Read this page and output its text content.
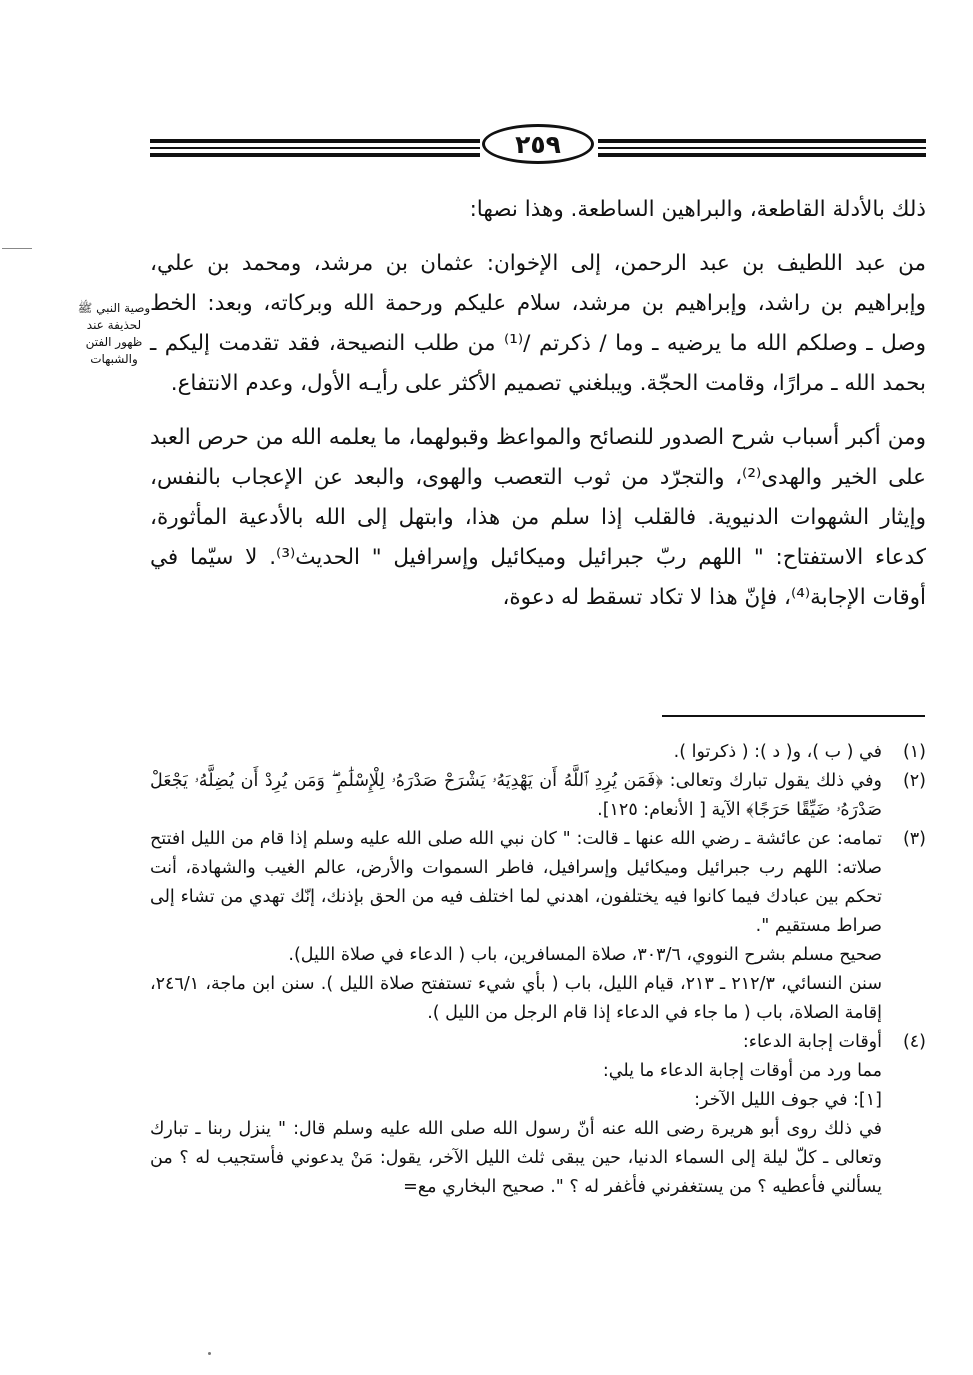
٢٥٩

ذلك بالأدلة القاطعة، والبراهين الساطعة. وهذا نصها:

من عبد اللطيف بن عبد الرحمن، إلى الإخوان: عثمان بن مرشد، ومحمد بن علي، وإبراهيم بن راشد، وإبراهيم بن مرشد، سلام عليكم ورحمة الله وبركاته، وبعد: الخط وصل ـ وصلكم الله ما يرضيه ـ وما / ذكرتم /⁽¹⁾ من طلب النصيحة، فقد تقدمت إليكم ـ بحمد الله ـ مرارًا، وقامت الحجّة. ويبلغني تصميم الأكثر على رأيـه الأول، وعدم الانتفاع.

ومن أكبر أسباب شرح الصدور للنصائح والمواعظ وقبولهما، ما يعلمه الله من حرص العبد على الخير والهدى⁽²⁾، والتجرّد من ثوب التعصب والهوى، والبعد عن الإعجاب بالنفس، وإيثار الشهوات الدنيوية. فالقلب إذا سلم من هذا، وابتهل إلى الله بالأدعية المأثورة، كدعاء الاستفتاح: " اللهم ربّ جبرائيل وميكائيل وإسرافيل " الحديث⁽³⁾. لا سيّما في أوقات الإجابة⁽⁴⁾، فإنّ هذا لا تكاد تسقط له دعوة،

وصية النبي ﷺ لحذيفة عند ظهور الفتن والشبهات
(١)

في ( ب )، و( د ): ( ذكرتوا ).

(٢)

وفي ذلك يقول تبارك وتعالى: ﴿فَمَن يُرِدِ ٱللَّهُ أَن يَهْدِيَهُۥ يَشْرَحْ صَدْرَهُۥ لِلْإِسْلَٰمِ ۖ وَمَن يُرِدْ أَن يُضِلَّهُۥ يَجْعَلْ صَدْرَهُۥ ضَيِّقًا حَرَجًا﴾ الآية [ الأنعام: ١٢٥].

(٣)

تمامه: عن عائشة ـ رضي الله عنها ـ قالت: " كان نبي الله صلى الله عليه وسلم إذا قام من الليل افتتح صلاته: اللهم رب جبرائيل وميكائيل وإسرافيل، فاطر السموات والأرض، عالم الغيب والشهادة، أنت تحكم بين عبادك فيما كانوا فيه يختلفون، اهدني لما اختلف فيه من الحق بإذنك، إنّك تهدي من تشاء إلى صراط مستقيم ".

صحيح مسلم بشرح النووي، ٣٠٣/٦، صلاة المسافرين، باب ( الدعاء في صلاة الليل).

سنن النسائي، ٢١٢/٣ ـ ٢١٣، قيام الليل، باب ( بأي شيء تستفتح صلاة الليل ). سنن ابن ماجة، ٢٤٦/١، إقامة الصلاة، باب ( ما جاء في الدعاء إذا قام الرجل من الليل ).

(٤)

أوقات إجابة الدعاء:

مما ورد من أوقات إجابة الدعاء ما يلي:

[١]: في جوف الليل الآخر:

في ذلك روى أبو هريرة رضى الله عنه أنّ رسول الله صلى الله عليه وسلم قال: " ينزل ربنا ـ تبارك وتعالى ـ كلّ ليلة إلى السماء الدنيا، حين يبقى ثلث الليل الآخر، يقول: مَنْ يدعوني فأستجيب له ؟ من يسألني فأعطيه ؟ من يستغفرني فأغفر له ؟ ". صحيح البخاري مع=
